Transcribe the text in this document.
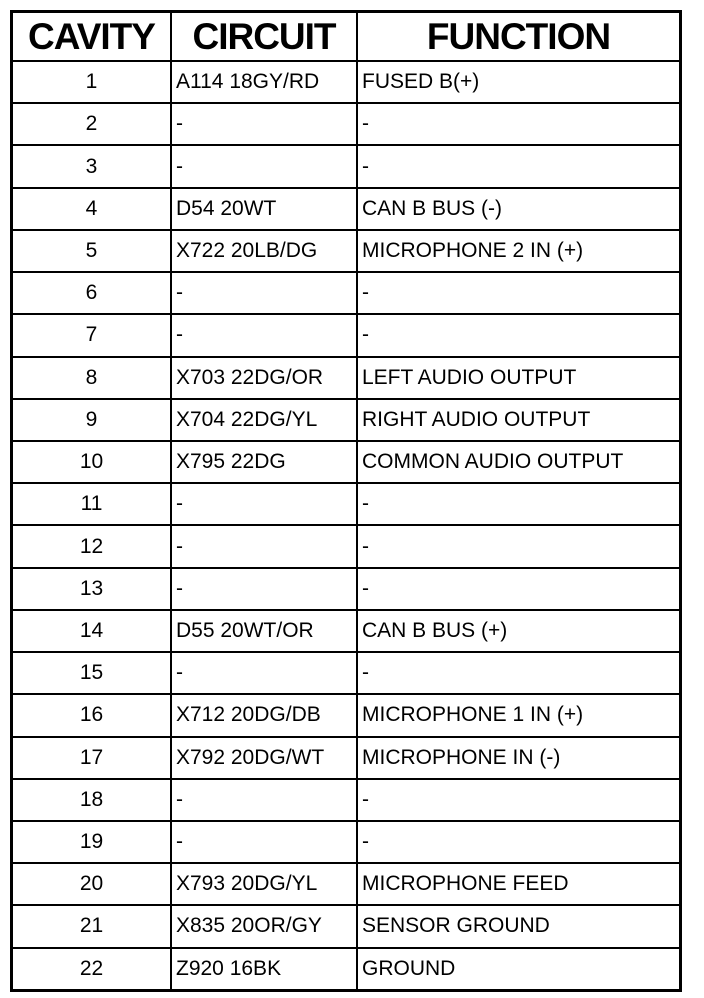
CAVITY	CIRCUIT	FUNCTION
1	A114 18GY/RD	FUSED B(+)
2	-	-
3	-	-
4	D54 20WT	CAN B BUS (-)
5	X722 20LB/DG	MICROPHONE 2 IN (+)
6	-	-
7	-	-
8	X703 22DG/OR	LEFT AUDIO OUTPUT
9	X704 22DG/YL	RIGHT AUDIO OUTPUT
10	X795 22DG	COMMON AUDIO OUTPUT
11	-	-
12	-	-
13	-	-
14	D55 20WT/OR	CAN B BUS (+)
15	-	-
16	X712 20DG/DB	MICROPHONE 1 IN (+)
17	X792 20DG/WT	MICROPHONE IN (-)
18	-	-
19	-	-
20	X793 20DG/YL	MICROPHONE FEED
21	X835 20OR/GY	SENSOR GROUND
22	Z920 16BK	GROUND
